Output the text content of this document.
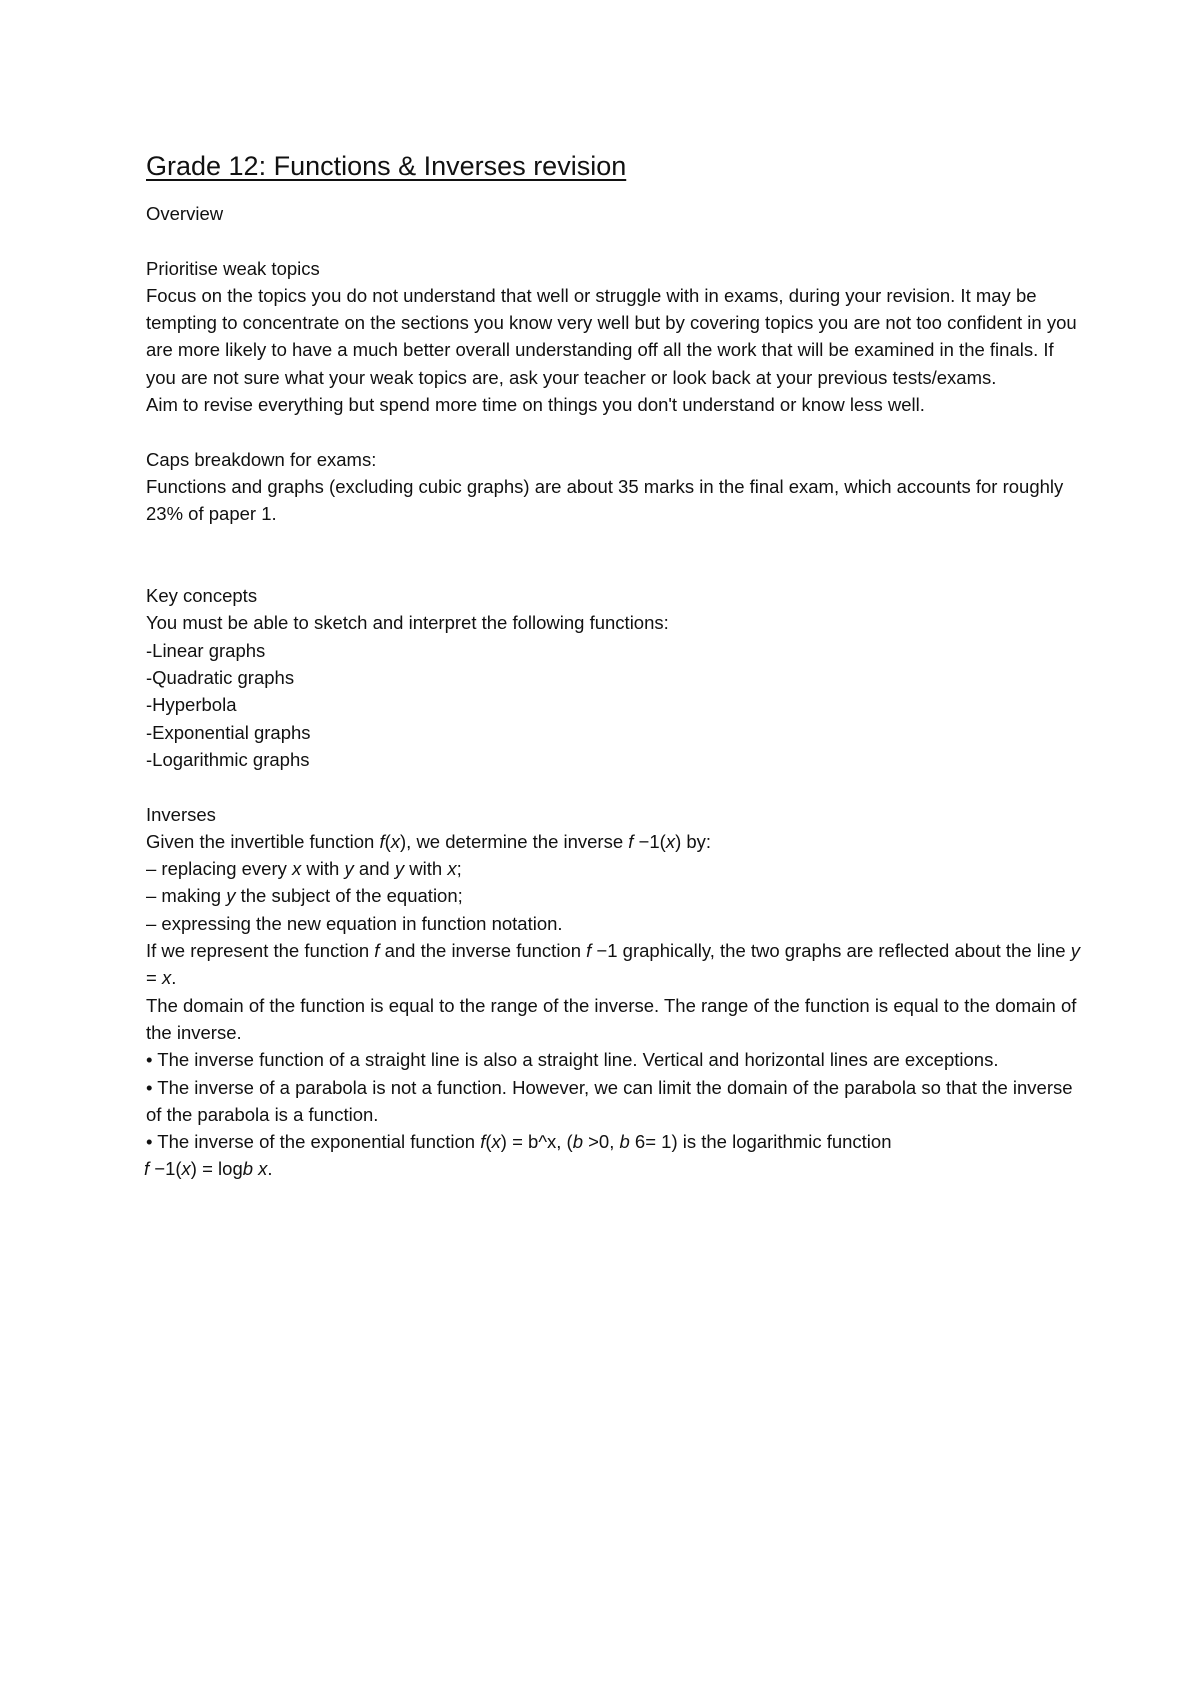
Grade 12: Functions & Inverses revision

Overview

Prioritise weak topics

Focus on the topics you do not understand that well or struggle with in exams, during your revision. It may be tempting to concentrate on the sections you know very well but by covering topics you are not too confident in you are more likely to have a much better overall understanding off all the work that will be examined in the finals. If you are not sure what your weak topics are, ask your teacher or look back at your previous tests/exams.

Aim to revise everything but spend more time on things you don't understand or know less well.

Caps breakdown for exams:

Functions and graphs (excluding cubic graphs) are about 35 marks in the final exam, which accounts for roughly 23% of paper 1.

Key concepts

You must be able to sketch and interpret the following functions:

-Linear graphs

-Quadratic graphs

-Hyperbola

-Exponential graphs

-Logarithmic graphs

Inverses

Given the invertible function f(x), we determine the inverse f −1(x) by:

– replacing every x with y and y with x;

– making y the subject of the equation;

– expressing the new equation in function notation.

If we represent the function f and the inverse function f −1 graphically, the two graphs are reflected about the line y = x.

The domain of the function is equal to the range of the inverse. The range of the function is equal to the domain of the inverse.

• The inverse function of a straight line is also a straight line. Vertical and horizontal lines are exceptions.

• The inverse of a parabola is not a function. However, we can limit the domain of the parabola so that the inverse of the parabola is a function.

• The inverse of the exponential function f(x) = b^x, (b >0, b 6= 1) is the logarithmic function

f −1(x) = logb x.
